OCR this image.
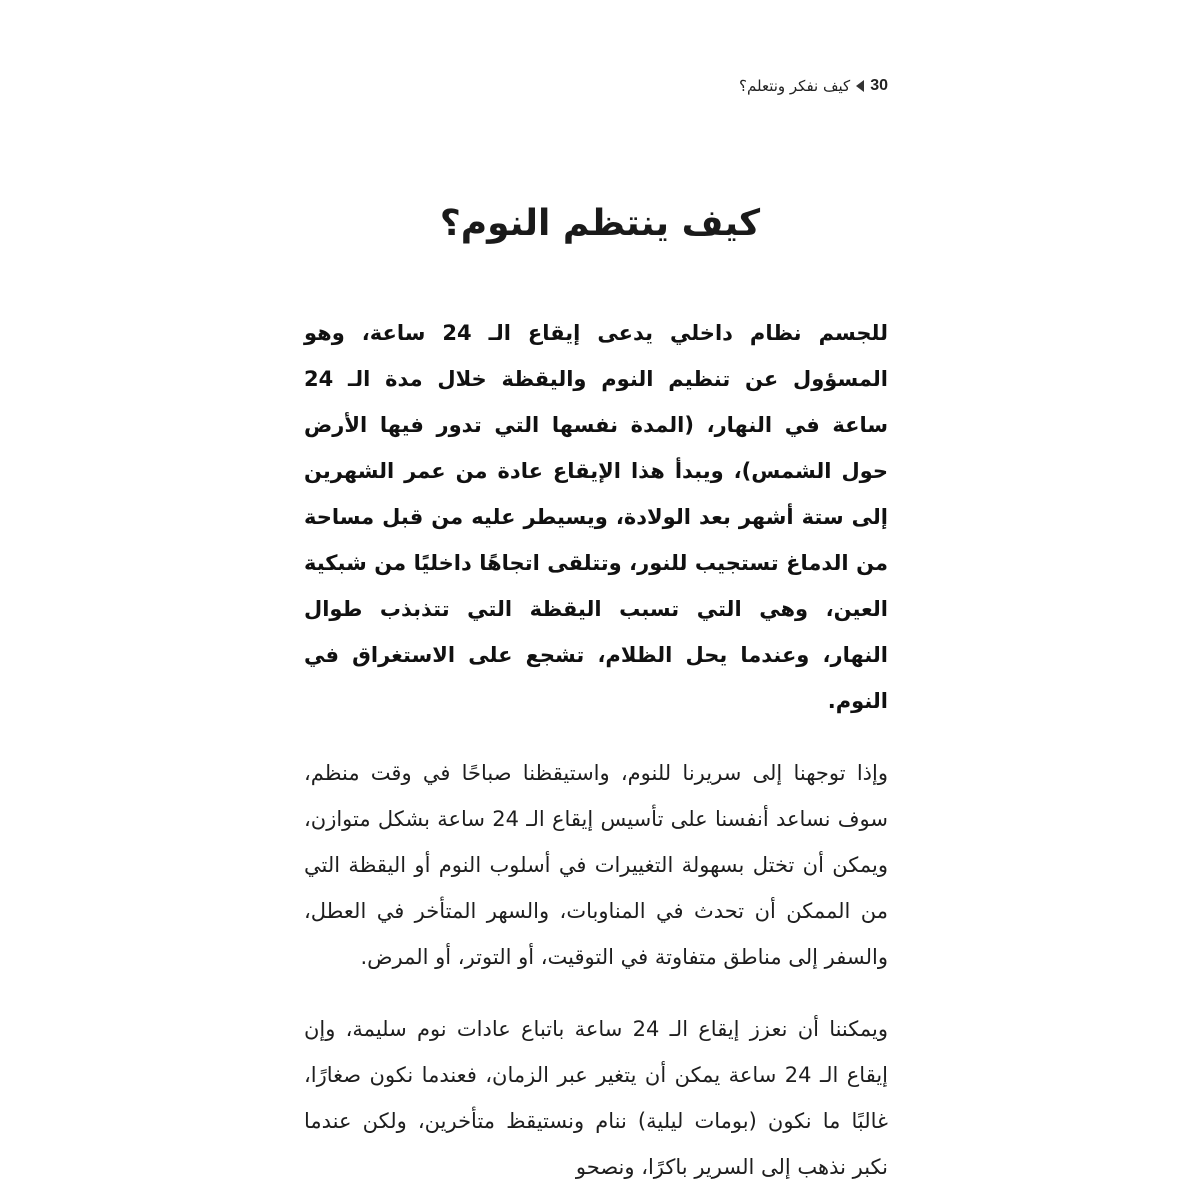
30
كيف نفكر ونتعلم؟
كيف ينتظم النوم؟

للجسم نظام داخلي يدعى إيقاع الـ 24 ساعة، وهو المسؤول عن تنظيم النوم واليقظة خلال مدة الـ 24 ساعة في النهار، (المدة نفسها التي تدور فيها الأرض حول الشمس)، ويبدأ هذا الإيقاع عادة من عمر الشهرين إلى ستة أشهر بعد الولادة، ويسيطر عليه من قبل مساحة من الدماغ تستجيب للنور، وتتلقى اتجاهًا داخليًا من شبكية العين، وهي التي تسبب اليقظة التي تتذبذب طوال النهار، وعندما يحل الظلام، تشجع على الاستغراق في النوم.

وإذا توجهنا إلى سريرنا للنوم، واستيقظنا صباحًا في وقت منظم، سوف نساعد أنفسنا على تأسيس إيقاع الـ 24 ساعة بشكل متوازن، ويمكن أن تختل بسهولة التغييرات في أسلوب النوم أو اليقظة التي من الممكن أن تحدث في المناوبات، والسهر المتأخر في العطل، والسفر إلى مناطق متفاوتة في التوقيت، أو التوتر، أو المرض.

ويمكننا أن نعزز إيقاع الـ 24 ساعة باتباع عادات نوم سليمة، وإن إيقاع الـ 24 ساعة يمكن أن يتغير عبر الزمان، فعندما نكون صغارًا، غالبًا ما نكون (بومات ليلية) ننام ونستيقظ متأخرين، ولكن عندما نكبر نذهب إلى السرير باكرًا، ونصحو
